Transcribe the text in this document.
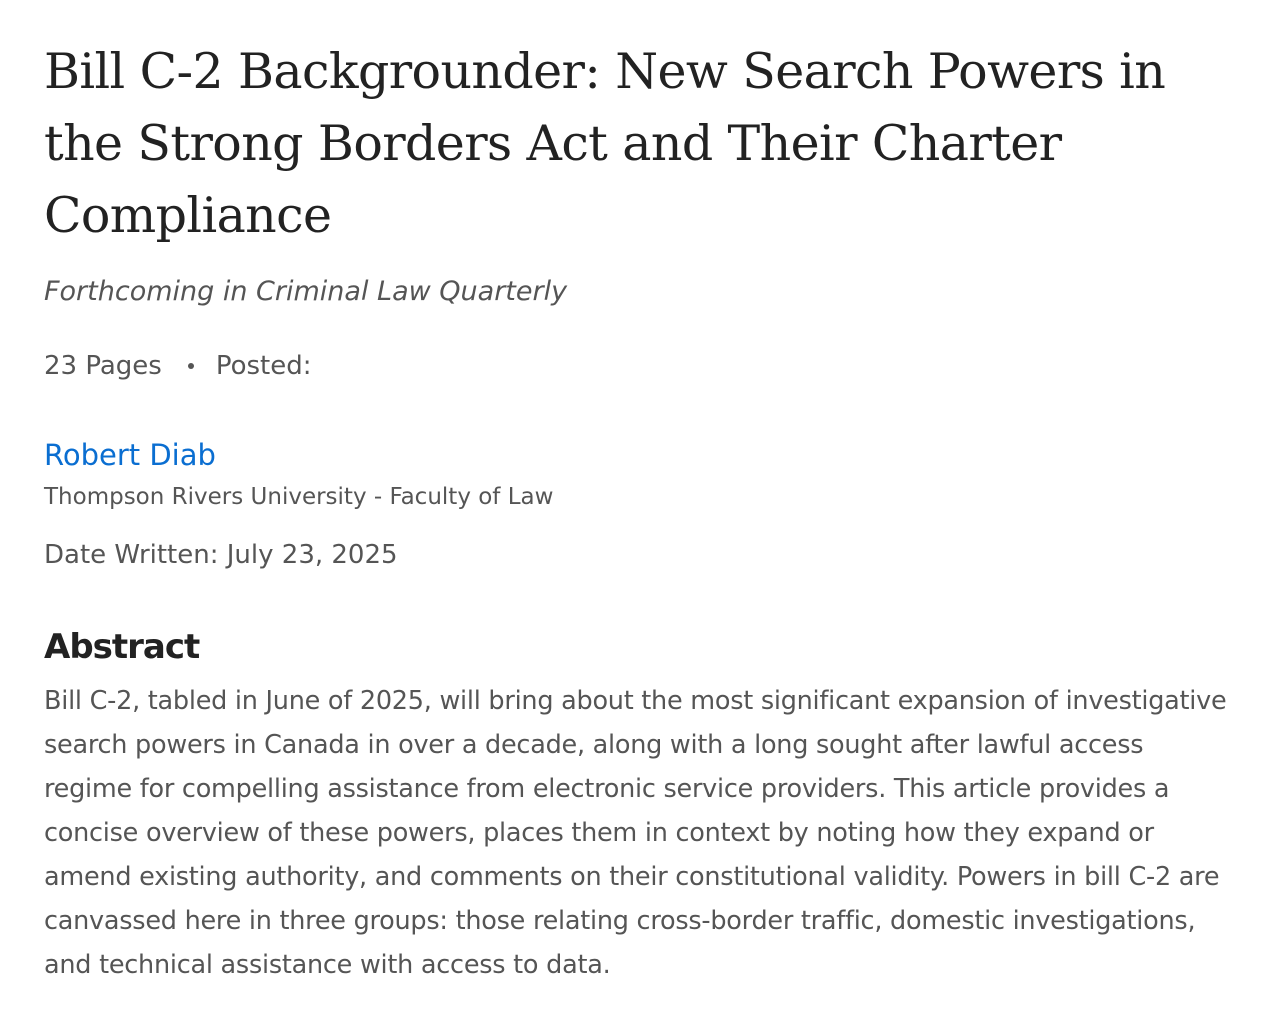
Bill C-2 Backgrounder: New Search Powers in the Strong Borders Act and Their Charter Compliance
Forthcoming in Criminal Law Quarterly
23 Pages Posted:
Robert Diab
Thompson Rivers University - Faculty of Law
Date Written: July 23, 2025
Abstract
Bill C-2, tabled in June of 2025, will bring about the most significant expansion of investigative search powers in Canada in over a decade, along with a long sought after lawful access regime for compelling assistance from electronic service providers. This article provides a concise overview of these powers, places them in context by noting how they expand or amend existing authority, and comments on their constitutional validity. Powers in bill C-2 are canvassed here in three groups: those relating cross-border traffic, domestic investigations, and technical assistance with access to data.
